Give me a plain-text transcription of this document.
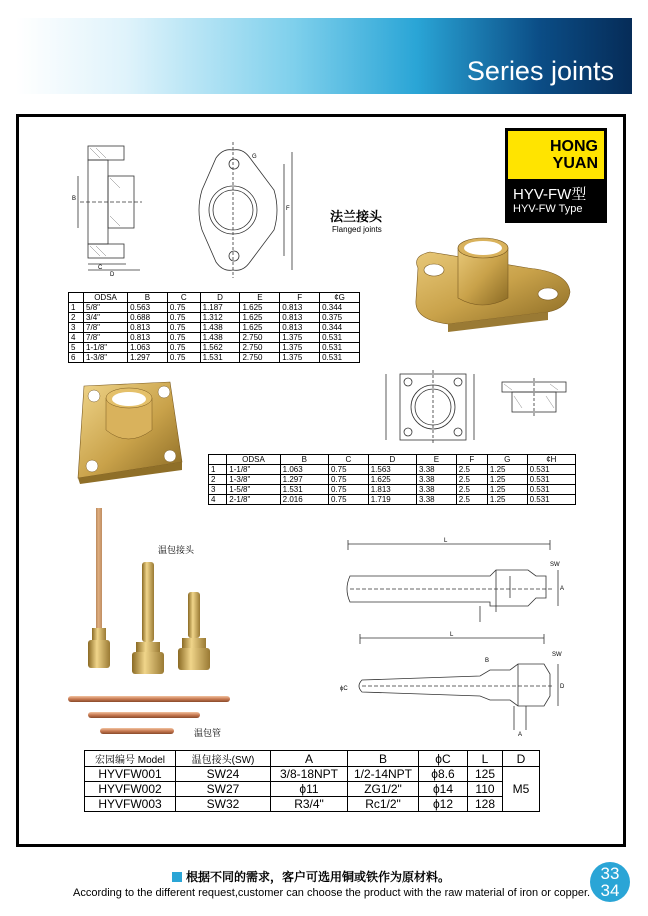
Series joints
HONG
YUAN
HYV-FW型
HYV-FW Type
C
D
B
G
F	法兰接头
Flanged joints
	ODSA	B	C	D	E	F	¢G
1	5/8"	0.563	0.75	1.187	1.625	0.813	0.344
2	3/4"	0.688	0.75	1.312	1.625	0.813	0.375
3	7/8"	0.813	0.75	1.438	1.625	0.813	0.344
4	7/8"	0.813	0.75	1.438	2.750	1.375	0.531
5	1-1/8"	1.063	0.75	1.562	2.750	1.375	0.531
6	1-3/8"	1.297	0.75	1.531	2.750	1.375	0.531
	ODSA	B	C	D	E	F	G	¢H
1	1-1/8"	1.063	0.75	1.563	3.38	2.5	1.25	0.531
2	1-3/8"	1.297	0.75	1.625	3.38	2.5	1.25	0.531
3	1-5/8"	1.531	0.75	1.813	3.38	2.5	1.25	0.531
4	2-1/8"	2.016	0.75	1.719	3.38	2.5	1.25	0.531
温包接头
温包管
L
SW
A
L
B
SW
ϕC	D
A
宏园编号 Model	温包接头(SW)	A	B	ϕC	L	D
HYVFW001	SW24	3/8-18NPT	1/2-14NPT	ϕ8.6	125	M5
HYVFW002	SW27	ϕ11	ZG1/2"	ϕ14	110	
HYVFW003	SW32	R3/4"	Rc1/2"	ϕ12	128	
根据不同的需求，客户可选用铜或铁作为原材料。
According to the different request,customer can choose the product with the raw material of iron or copper.
33
34
